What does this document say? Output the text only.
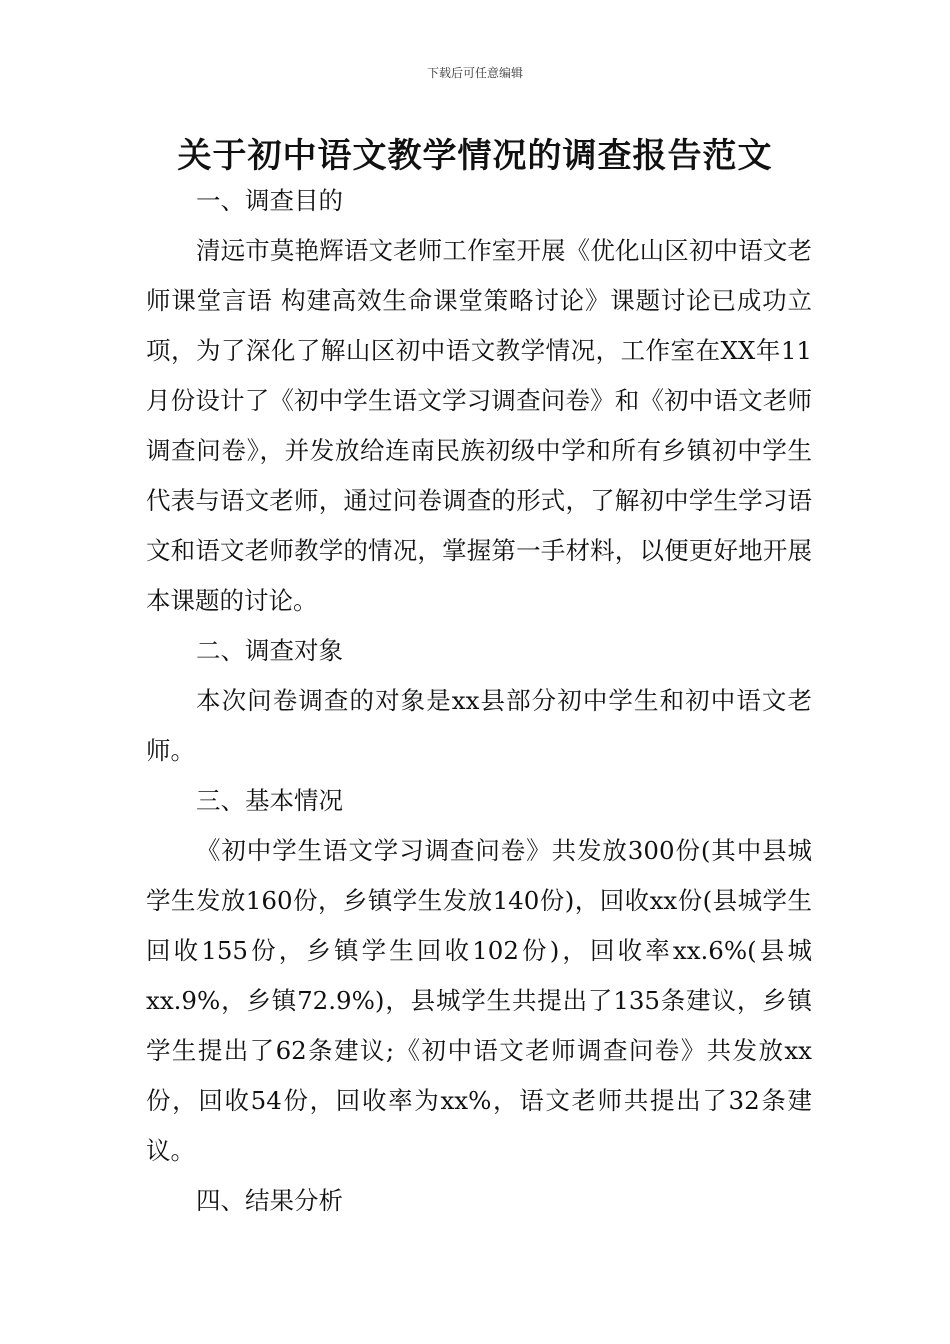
下载后可任意编辑
关于初中语文教学情况的调查报告范文

一、调查目的

清远市莫艳辉语文老师工作室开展《优化山区初中语文老师课堂言语 构建高效生命课堂策略讨论》课题讨论已成功立项，为了深化了解山区初中语文教学情况，工作室在XX年11月份设计了《初中学生语文学习调查问卷》和《初中语文老师调查问卷》，并发放给连南民族初级中学和所有乡镇初中学生代表与语文老师，通过问卷调查的形式，了解初中学生学习语文和语文老师教学的情况，掌握第一手材料，以便更好地开展本课题的讨论。

二、调查对象

本次问卷调查的对象是xx县部分初中学生和初中语文老师。

三、基本情况

《初中学生语文学习调查问卷》共发放300份(其中县城学生发放160份，乡镇学生发放140份)，回收xx份(县城学生回收155份，乡镇学生回收102份)，回收率xx.6%(县城xx.9%，乡镇72.9%)，县城学生共提出了135条建议，乡镇学生提出了62条建议;《初中语文老师调查问卷》共发放xx份，回收54份，回收率为xx%，语文老师共提出了32条建议。

四、结果分析
